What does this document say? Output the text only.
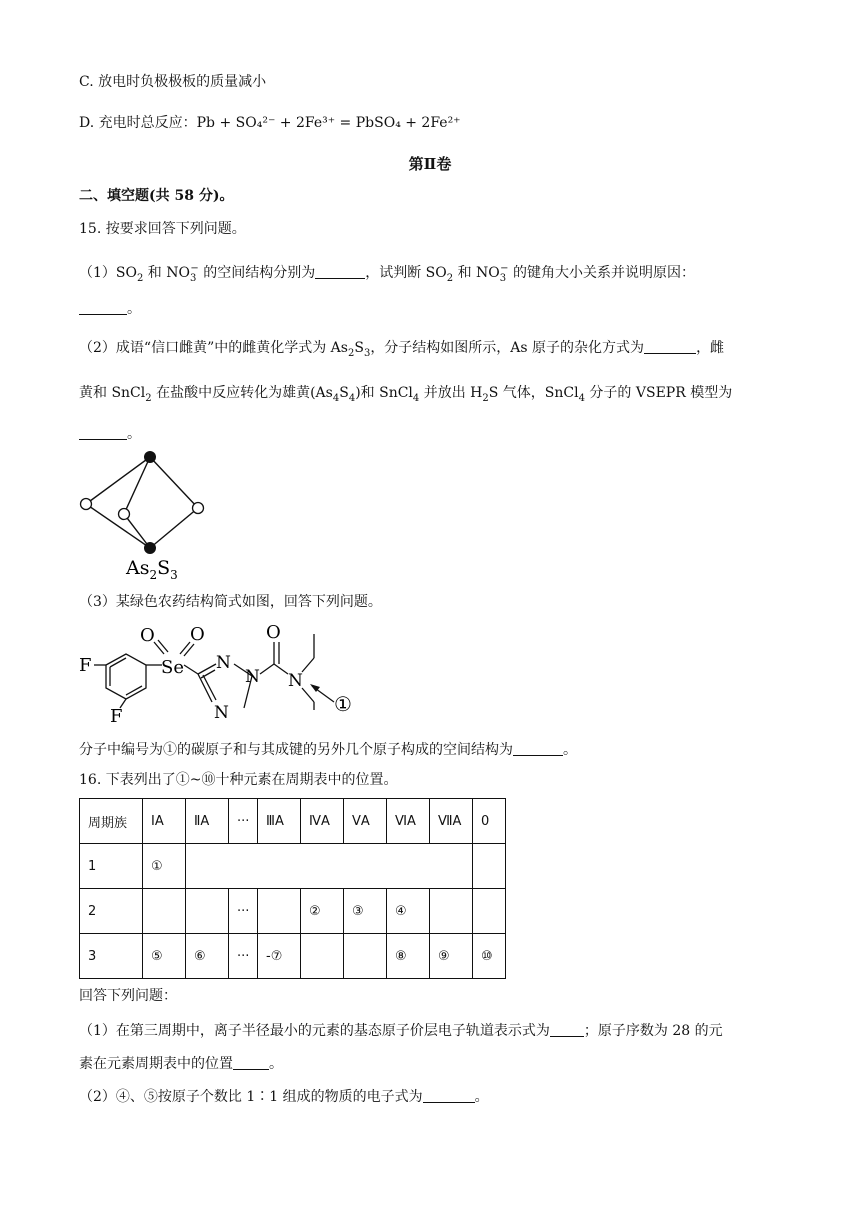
C. 放电时负极极板的质量减小
D. 充电时总反应：Pb + SO₄²⁻ + 2Fe³⁺ = PbSO₄ + 2Fe²⁺
第Ⅱ卷
二、填空题(共 58 分)。
15. 按要求回答下列问题。
$(1)SO_2$ 和 $NO_3^-$ 的空间结构分别为	，试判断 $SO_2$ 和 $NO_3^-$ 的键角大小关系并说明原因：
。
（2）成语“信口雌黄”中的雌黄化学式为 $As_2S_3$，分子结构如图所示，As 原子的杂化方式为	，雌
黄和 SnCl$_2$ 在盐酸中反应转化为雄黄$(As_4S_4)$和 SnCl$_4$ 并放出 $H_2S$ 气体，SnCl$_4$ 分子的 VSEPR 模型为
。
$As_2S_3$
（3）某绿色农药结构简式如图，回答下列问题。
F
F
Se
O O	O
N
N
N
N
①
分子中编号为①的碳原子和与其成键的另外几个原子构成的空间结构为	。
16. 下表列出了①~⑩十种元素在周期表中的位置。
周期族	ⅠA	ⅡA	···	ⅢA	ⅣA	ⅤA	ⅥA	ⅦA	0
1	①								
2			···		②	③	④		
3	⑤	⑥	···	-⑦			⑧	⑨	⑩
回答下列问题：
（1）在第三周期中，离子半径最小的元素的基态原子价层电子轨道表示式为 ；原子序数为 28 的元
素在元素周期表中的位置	。
（2）④、⑤按原子个数比 1∶1 组成的物质的电子式为	。
